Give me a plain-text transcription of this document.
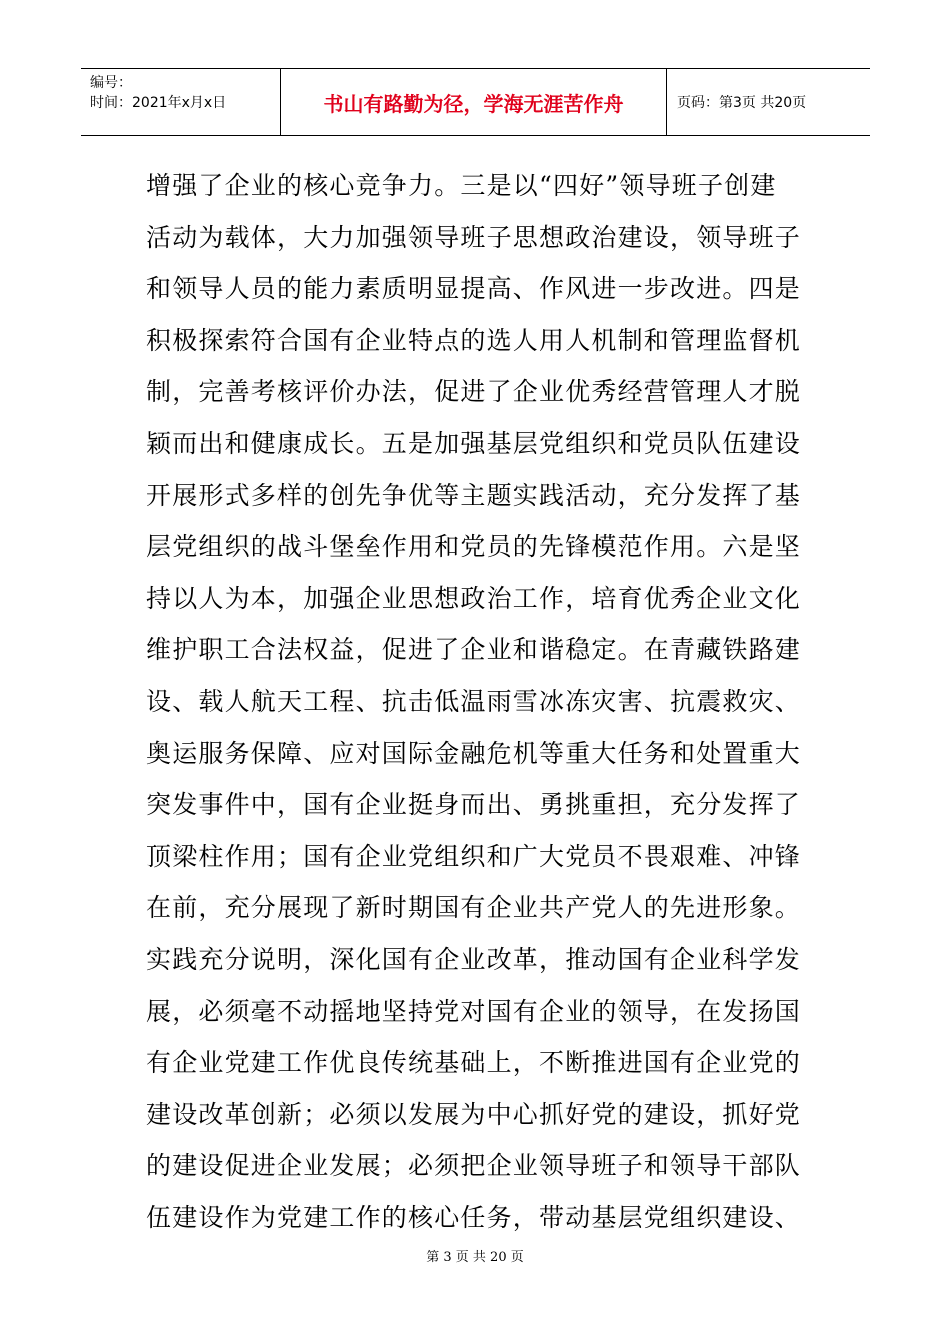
编号：
时间：2021年x月x日	书山有路勤为径，学海无涯苦作舟	页码：第3页 共20页
增强了企业的核心竞争力。三是以“四好”领导班子创建
活动为载体，大力加强领导班子思想政治建设，领导班子
和领导人员的能力素质明显提高、作风进一步改进。四是
积极探索符合国有企业特点的选人用人机制和管理监督机
制，完善考核评价办法，促进了企业优秀经营管理人才脱
颖而出和健康成长。五是加强基层党组织和党员队伍建设
开展形式多样的创先争优等主题实践活动，充分发挥了基
层党组织的战斗堡垒作用和党员的先锋模范作用。六是坚
持以人为本，加强企业思想政治工作，培育优秀企业文化
维护职工合法权益，促进了企业和谐稳定。在青藏铁路建
设、载人航天工程、抗击低温雨雪冰冻灾害、抗震救灾、
奥运服务保障、应对国际金融危机等重大任务和处置重大
突发事件中，国有企业挺身而出、勇挑重担，充分发挥了
顶梁柱作用；国有企业党组织和广大党员不畏艰难、冲锋
在前，充分展现了新时期国有企业共产党人的先进形象。
实践充分说明，深化国有企业改革，推动国有企业科学发
展，必须毫不动摇地坚持党对国有企业的领导，在发扬国
有企业党建工作优良传统基础上，不断推进国有企业党的
建设改革创新；必须以发展为中心抓好党的建设，抓好党
的建设促进企业发展；必须把企业领导班子和领导干部队
伍建设作为党建工作的核心任务，带动基层党组织建设、
第 3 页 共 20 页
